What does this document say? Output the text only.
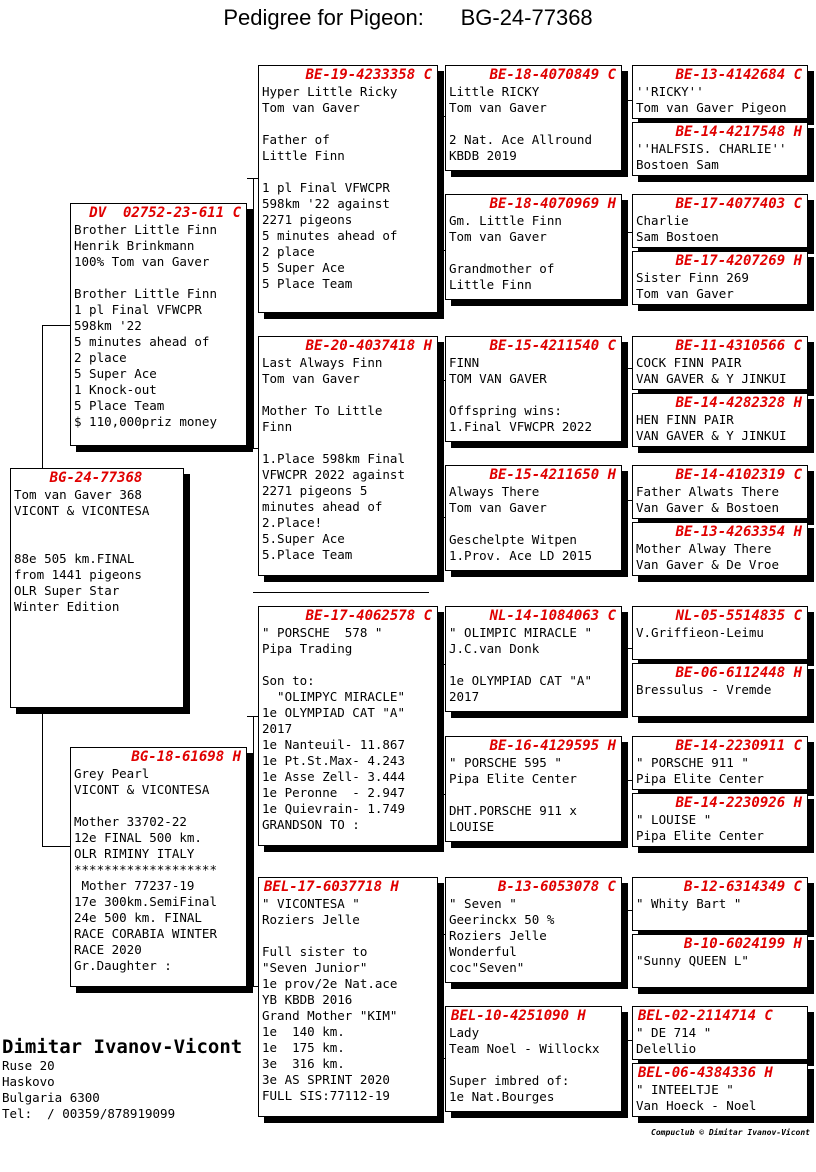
Pedigree for Pigeon:      BG-24-77368
BG-24-77368
Tom van Gaver 368
VICONT & VICONTESA

88e 505 km.FINAL
from 1441 pigeons
OLR Super Star
Winter Edition
DV  02752-23-611 C
Brother Little Finn
Henrik Brinkmann
100% Tom van Gaver

Brother Little Finn
1 pl Final VFWCPR
598km '22
5 minutes ahead of
2 place
5 Super Ace
1 Knock-out
5 Place Team
$ 110,000priz money
BG-18-61698 H
Grey Pearl
VICONT & VICONTESA

Mother 33702-22
12e FINAL 500 km.
OLR RIMINY ITALY
*******************
Mother 77237-19
17e 300km.SemiFinal
24e 500 km. FINAL
RACE CORABIA WINTER
RACE 2020
Gr.Daughter :
BE-19-4233358 C
Hyper Little Ricky
Tom van Gaver

Father of
Little Finn

1 pl Final VFWCPR
598km '22 against
2271 pigeons
5 minutes ahead of
2 place
5 Super Ace
5 Place Team
BE-20-4037418 H
Last Always Finn
Tom van Gaver

Mother To Little
Finn

1.Place 598km Final
VFWCPR 2022 against
2271 pigeons 5
minutes ahead of
2.Place!
5.Super Ace
5.Place Team
BE-17-4062578 C
" PORSCHE  578 "
Pipa Trading

Son to:
"OLIMPYC MIRACLE"
1e OLYMPIAD CAT "A"
2017
1e Nanteuil- 11.867
1e Pt.St.Max- 4.243
1e Asse Zell- 3.444
1e Peronne  - 2.947
1e Quievrain- 1.749
GRANDSON TO :
BEL-17-6037718 H
" VICONTESA "
Roziers Jelle

Full sister to
"Seven Junior"
1e prov/2e Nat.ace
YB KBDB 2016
Grand Mother "KIM"
1e  140 km.
1e  175 km.
3e  316 km.
3e AS SPRINT 2020
FULL SIS:77112-19
BE-18-4070849 C
Little RICKY
Tom van Gaver

2 Nat. Ace Allround
KBDB 2019
BE-18-4070969 H
Gm. Little Finn
Tom van Gaver

Grandmother of
Little Finn
BE-15-4211540 C
FINN
TOM VAN GAVER

Offspring wins:
1.Final VFWCPR 2022
BE-15-4211650 H
Always There
Tom van Gaver

Geschelpte Witpen
1.Prov. Ace LD 2015
NL-14-1084063 C
" OLIMPIC MIRACLE "
J.C.van Donk

1e OLYMPIAD CAT "A"
2017
BE-16-4129595 H
" PORSCHE 595 "
Pipa Elite Center

DHT.PORSCHE 911 x
LOUISE
B-13-6053078 C
" Seven "
Geerinckx 50 %
Roziers Jelle
Wonderful
coc"Seven"
BEL-10-4251090 H
Lady
Team Noel - Willockx

Super imbred of:
1e Nat.Bourges
BE-13-4142684 C
''RICKY''
Tom van Gaver Pigeon
BE-14-4217548 H
''HALFSIS. CHARLIE''
Bostoen Sam
BE-17-4077403 C
Charlie
Sam Bostoen
BE-17-4207269 H
Sister Finn 269
Tom van Gaver
BE-11-4310566 C
COCK FINN PAIR
VAN GAVER & Y JINKUI
BE-14-4282328 H
HEN FINN PAIR
VAN GAVER & Y JINKUI
BE-14-4102319 C
Father Alwats There
Van Gaver & Bostoen
BE-13-4263354 H
Mother Alway There
Van Gaver & De Vroe
NL-05-5514835 C
V.Griffieon-Leimu
BE-06-6112448 H
Bressulus - Vremde
BE-14-2230911 C
" PORSCHE 911 "
Pipa Elite Center
BE-14-2230926 H
" LOUISE "
Pipa Elite Center
B-12-6314349 C
" Whity Bart "
B-10-6024199 H
"Sunny QUEEN L"
BEL-02-2114714 C
" DE 714 "
Delellio
BEL-06-4384336 H
" INTEELTJE "
Van Hoeck - Noel
Dimitar Ivanov-Vicont
Ruse 20
Haskovo
Bulgaria 6300
Tel:  / 00359/878919099
Compuclub © Dimitar Ivanov-Vicont
